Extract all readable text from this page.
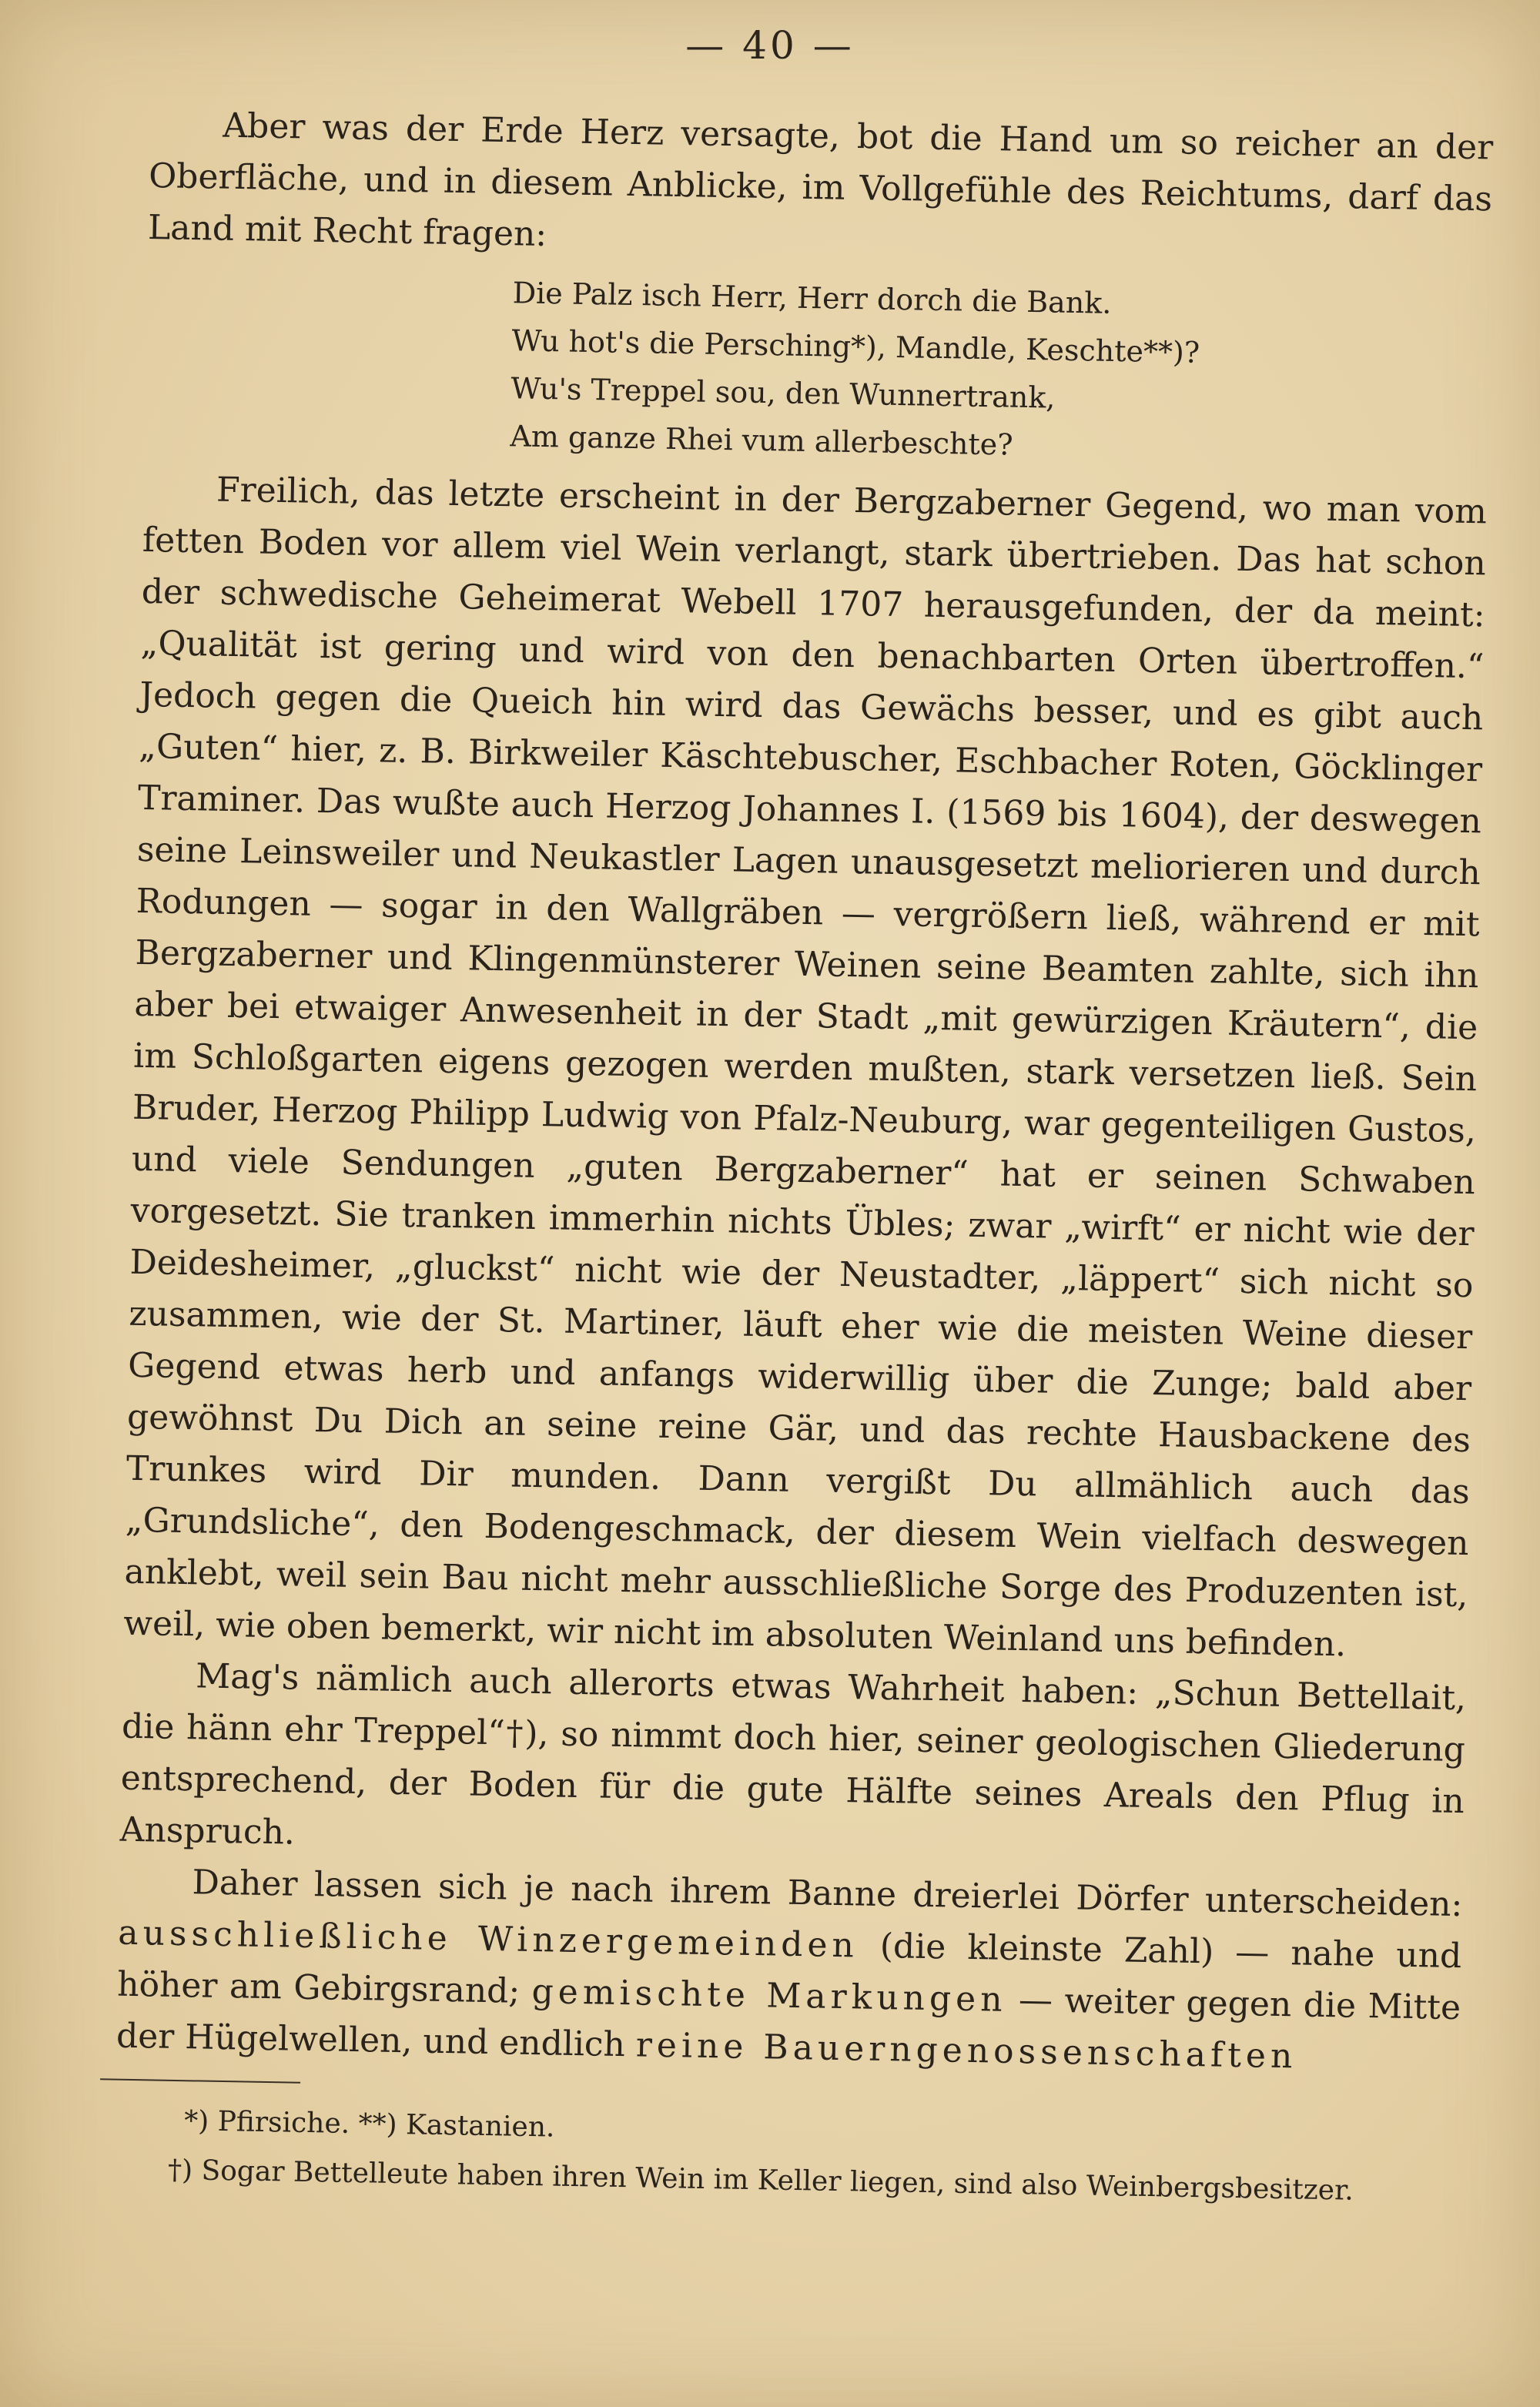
— 40 —

Aber was der Erde Herz versagte, bot die Hand um so reicher an der Oberfläche, und in diesem Anblicke, im Vollgefühle des Reichtums, darf das Land mit Recht fragen:

Die Palz isch Herr, Herr dorch die Bank.
Wu hot's die Persching*), Mandle, Keschte**)?
Wu's Treppel sou, den Wunnertrank,
Am ganze Rhei vum allerbeschte?

Freilich, das letzte erscheint in der Bergzaberner Gegend, wo man vom fetten Boden vor allem viel Wein verlangt, stark übertrieben. Das hat schon der schwedische Geheimerat Webell 1707 herausgefunden, der da meint: „Qualität ist gering und wird von den benachbarten Orten übertroffen.“ Jedoch gegen die Queich hin wird das Gewächs besser, und es gibt auch „Guten“ hier, z. B. Birkweiler Käschtebuscher, Eschbacher Roten, Göcklinger Traminer. Das wußte auch Herzog Johannes I. (1569 bis 1604), der deswegen seine Leinsweiler und Neukastler Lagen unausgesetzt meliorieren und durch Rodungen — sogar in den Wallgräben — vergrößern ließ, während er mit Bergzaberner und Klingenmünsterer Weinen seine Beamten zahlte, sich ihn aber bei etwaiger Anwesenheit in der Stadt „mit gewürzigen Kräutern“, die im Schloßgarten eigens gezogen werden mußten, stark versetzen ließ. Sein Bruder, Herzog Philipp Ludwig von Pfalz-Neuburg, war gegenteiligen Gustos, und viele Sendungen „guten Bergzaberner“ hat er seinen Schwaben vorgesetzt. Sie tranken immerhin nichts Übles; zwar „wirft“ er nicht wie der Deidesheimer, „gluckst“ nicht wie der Neustadter, „läppert“ sich nicht so zusammen, wie der St. Martiner, läuft eher wie die meisten Weine dieser Gegend etwas herb und anfangs widerwillig über die Zunge; bald aber gewöhnst Du Dich an seine reine Gär, und das rechte Hausbackene des Trunkes wird Dir munden. Dann vergißt Du allmählich auch das „Grundsliche“, den Bodengeschmack, der diesem Wein vielfach deswegen anklebt, weil sein Bau nicht mehr ausschließliche Sorge des Produzenten ist, weil, wie oben bemerkt, wir nicht im absoluten Weinland uns befinden.

Mag's nämlich auch allerorts etwas Wahrheit haben: „Schun Bettellait, die hänn ehr Treppel“†), so nimmt doch hier, seiner geologischen Gliederung entsprechend, der Boden für die gute Hälfte seines Areals den Pflug in Anspruch.

Daher lassen sich je nach ihrem Banne dreierlei Dörfer unterscheiden: ausschließliche Winzergemeinden (die kleinste Zahl) — nahe und höher am Gebirgsrand; gemischte Markungen — weiter gegen die Mitte der Hügelwellen, und endlich reine Bauerngenossenschaften

*) Pfirsiche. **) Kastanien.
†) Sogar Bettelleute haben ihren Wein im Keller liegen, sind also Weinbergsbesitzer.
